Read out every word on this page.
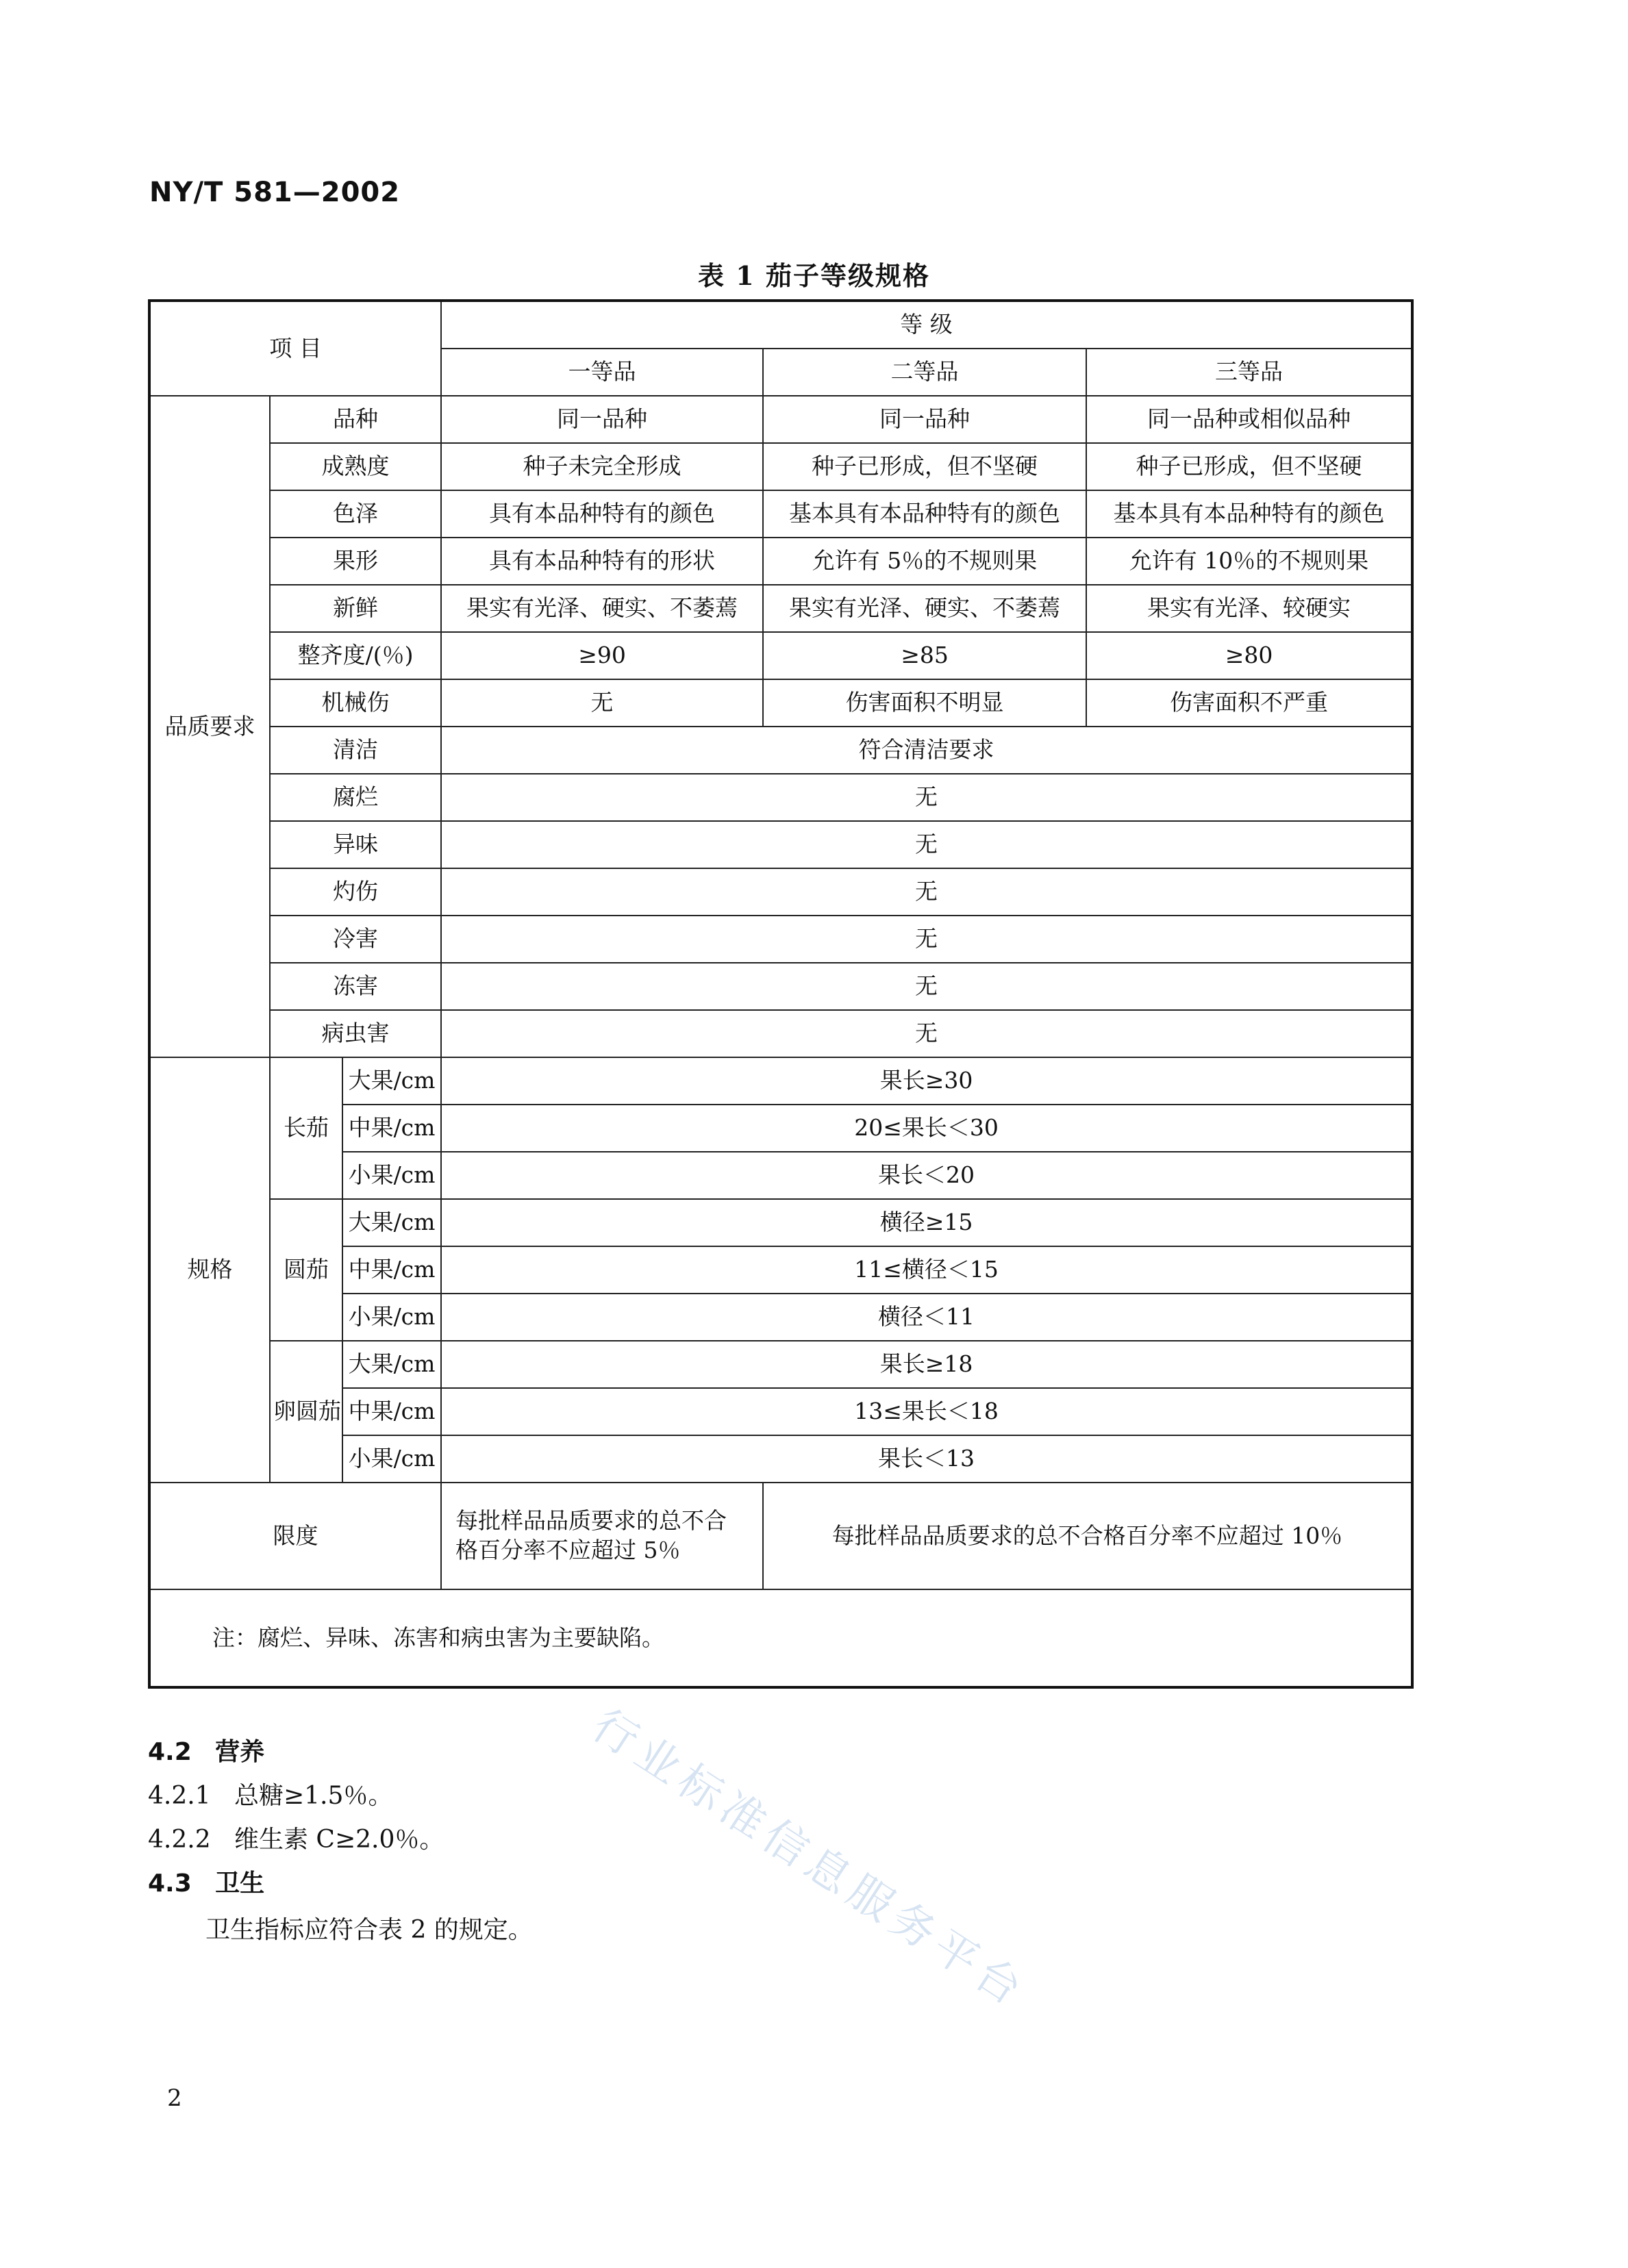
NY/T 581—2002
表 1 茄子等级规格
项 目			等 级		
			一等品	二等品	三等品
品质要求	品种		同一品种	同一品种	同一品种或相似品种
	成熟度		种子未完全形成	种子已形成，但不坚硬	种子已形成，但不坚硬
	色泽		具有本品种特有的颜色	基本具有本品种特有的颜色	基本具有本品种特有的颜色
	果形		具有本品种特有的形状	允许有 5％的不规则果	允许有 10％的不规则果
	新鲜		果实有光泽、硬实、不萎蔫	果实有光泽、硬实、不萎蔫	果实有光泽、较硬实
	整齐度/(％)		≥90	≥85	≥80
	机械伤		无	伤害面积不明显	伤害面积不严重
	清洁		符合清洁要求		
	腐烂		无		
	异味		无		
	灼伤		无		
	冷害		无		
	冻害		无		
	病虫害		无		
规格	长茄	大果/cm	果长≥30		
		中果/cm	20≤果长＜30		
		小果/cm	果长＜20		
	圆茄	大果/cm	横径≥15		
		中果/cm	11≤横径＜15		
		小果/cm	横径＜11		
	卵圆茄	大果/cm	果长≥18		
		中果/cm	13≤果长＜18		
		小果/cm	果长＜13		
限度			每批样品品质要求的总不合格百分率不应超过 5％	每批样品品质要求的总不合格百分率不应超过 10％	
注：腐烂、异味、冻害和病虫害为主要缺陷。					
4.2 营养
4.2.1 总糖≥1.5％。
4.2.2 维生素 C≥2.0％。
4.3 卫生
卫生指标应符合表 2 的规定。 行业标准信息服务平台
2
